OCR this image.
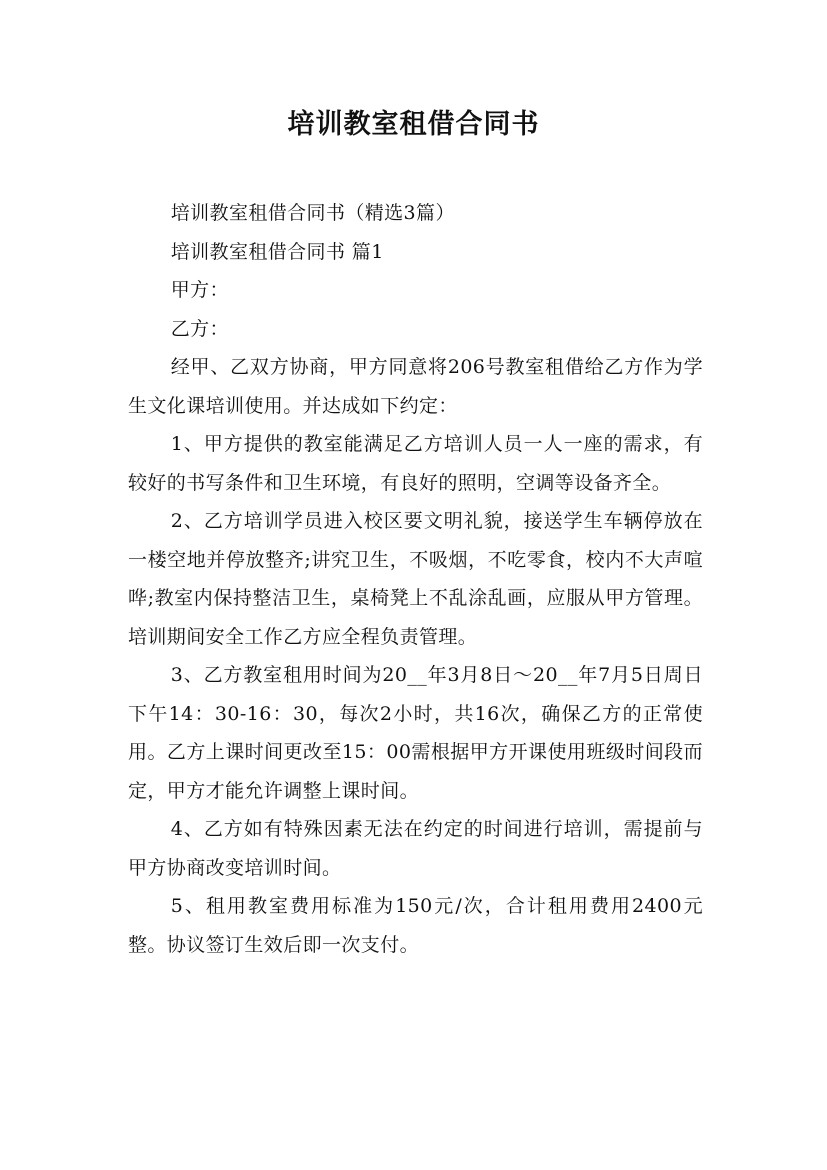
培训教室租借合同书

培训教室租借合同书（精选3篇）

培训教室租借合同书 篇1

甲方：

乙方：

经甲、乙双方协商，甲方同意将206号教室租借给乙方作为学生文化课培训使用。并达成如下约定：

1、甲方提供的教室能满足乙方培训人员一人一座的需求，有较好的书写条件和卫生环境，有良好的照明，空调等设备齐全。

2、乙方培训学员进入校区要文明礼貌，接送学生车辆停放在一楼空地并停放整齐;讲究卫生，不吸烟，不吃零食，校内不大声喧哗;教室内保持整洁卫生，桌椅凳上不乱涂乱画，应服从甲方管理。培训期间安全工作乙方应全程负责管理。

3、乙方教室租用时间为20__年3月8日～20__年7月5日周日下午14：30-16：30，每次2小时，共16次，确保乙方的正常使用。乙方上课时间更改至15：00需根据甲方开课使用班级时间段而定，甲方才能允许调整上课时间。

4、乙方如有特殊因素无法在约定的时间进行培训，需提前与甲方协商改变培训时间。

5、租用教室费用标准为150元/次，合计租用费用2400元整。协议签订生效后即一次支付。
